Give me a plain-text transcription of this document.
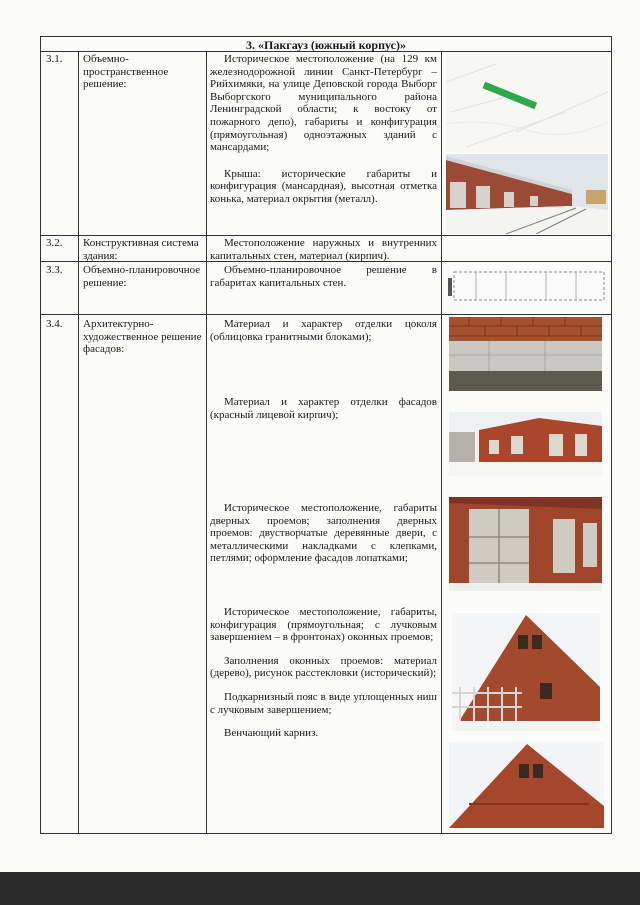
3. «Пакгауз (южный корпус)»
3.1.	Объемно-пространственное решение:

Историческое местоположение (на 129 км железнодорожной линии Санкт-Петербург – Рийхимяки, на улице Деповской города Выборг Выборгского муниципального района Ленинградской области; к востоку от пожарного депо), габариты и конфигурация (прямоугольная) одноэтажных зданий с мансардами;

Крыша: исторические габариты и конфигурация (мансардная), высотная отметка конька, материал окрытия (металл).

3.2.	Конструктивная система здания:

Местоположение наружных и внутренних капитальных стен, материал (кирпич).

3.3.	Объемно-планировочное решение:

Объемно-планировочное решение в габаритах капитальных стен.

3.4.	Архитектурно-художественное решение фасадов:

Материал и характер отделки цоколя (облицовка гранитными блоками);

Материал и характер отделки фасадов (красный лицевой кирпич);

Историческое местоположение, габариты дверных проемов; заполнения дверных проемов: двустворчатые деревянные двери, с металлическими накладками с клепками, петлями; оформление фасадов лопатками;

Историческое местоположение, габариты, конфигурация (прямоугольная; с лучковым завершением – в фронтонах) оконных проемов;

Заполнения оконных проемов: материал (дерево), рисунок расстекловки (исторический);

Подкарнизный пояс в виде уплощенных ниш с лучковым завершением;

Венчающий карниз.
